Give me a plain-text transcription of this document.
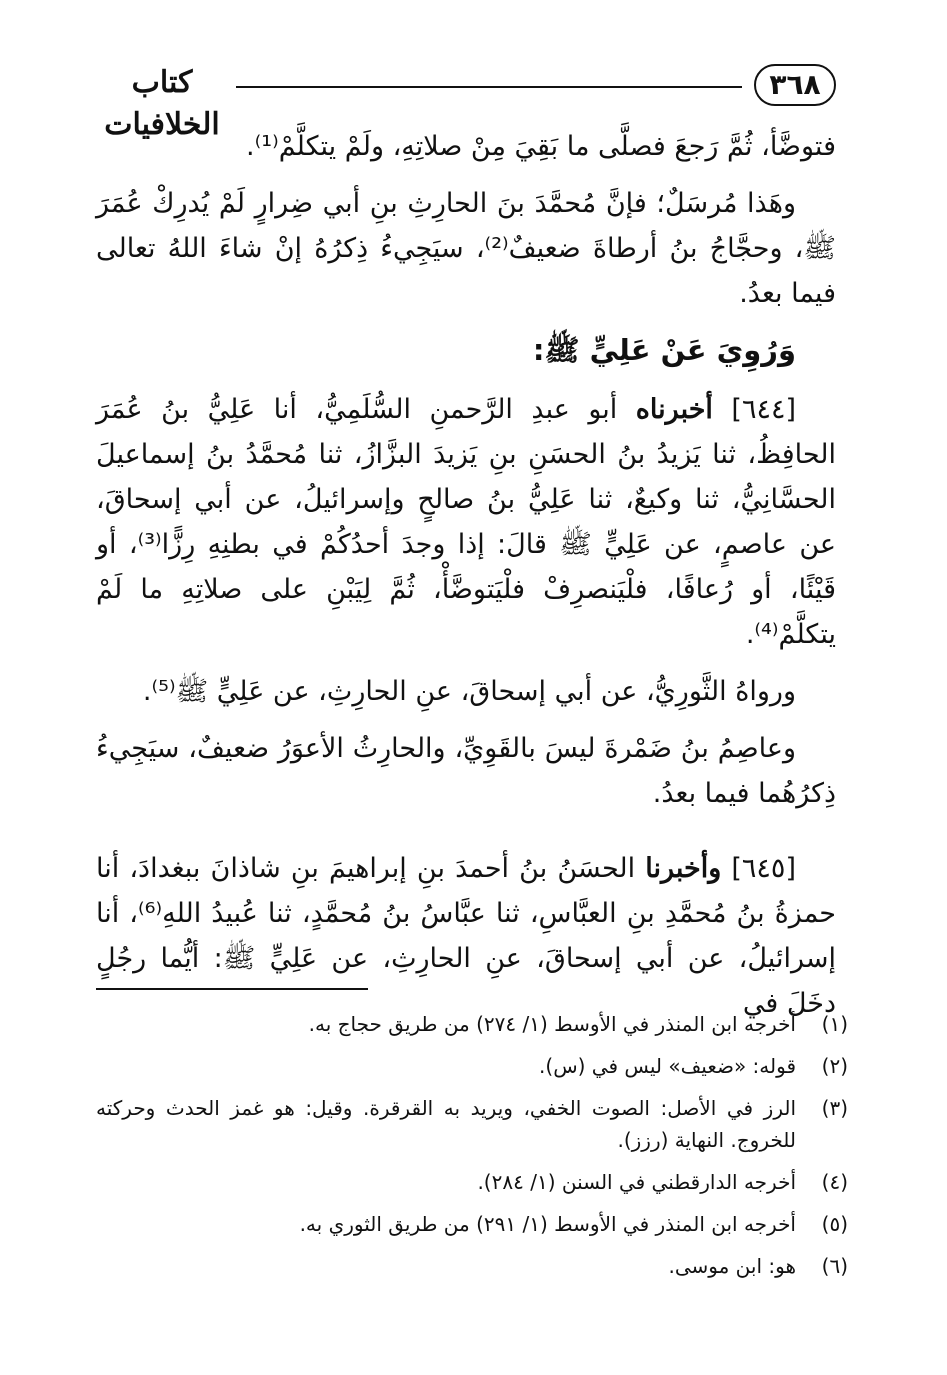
٣٦٨
كتاب الخلافيات

فتوضَّأ، ثُمَّ رَجعَ فصلَّى ما بَقِيَ مِنْ صلاتِهِ، ولَمْ يتكلَّمْ⁽¹⁾.

وهَذا مُرسَلٌ؛ فإنَّ مُحمَّدَ بنَ الحارِثِ بنِ أبي ضِرارٍ لَمْ يُدرِكْ عُمَرَ ﷺ، وحجَّاجُ بنُ أرطاةَ ضعيفٌ⁽²⁾، سيَجِيءُ ذِكرُهُ إنْ شاءَ اللهُ تعالى فيما بعدُ.

وَرُوِيَ عَنْ عَلِيٍّ ﷺ:

[٦٤٤] أخبرناه أبو عبدِ الرَّحمنِ السُّلَمِيُّ، أنا عَلِيُّ بنُ عُمَرَ الحافِظُ، ثنا يَزيدُ بنُ الحسَنِ بنِ يَزيدَ البزَّازُ، ثنا مُحمَّدُ بنُ إسماعيلَ الحسَّانِيُّ، ثنا وكيعٌ، ثنا عَلِيُّ بنُ صالحٍ وإسرائيلُ، عن أبي إسحاقَ، عن عاصمٍ، عن عَلِيٍّ ﷺ قالَ: إذا وجدَ أحدُكُمْ في بطنِهِ رِزًّا⁽³⁾، أو قَيْئًا، أو رُعافًا، فلْيَنصرِفْ فلْيَتوضَّأْ، ثُمَّ لِيَبْنِ على صلاتِهِ ما لَمْ يتكلَّمْ⁽⁴⁾.

ورواهُ الثَّورِيُّ، عن أبي إسحاقَ، عنِ الحارِثِ، عن عَلِيٍّ ﷺ⁽⁵⁾.

وعاصِمُ بنُ ضَمْرةَ ليسَ بالقَوِيِّ، والحارِثُ الأعوَرُ ضعيفٌ، سيَجِيءُ ذِكرُهُما فيما بعدُ.

[٦٤٥] وأخبرنا الحسَنُ بنُ أحمدَ بنِ إبراهيمَ بنِ شاذانَ ببغدادَ، أنا حمزةُ بنُ مُحمَّدِ بنِ العبَّاسِ، ثنا عبَّاسُ بنُ مُحمَّدٍ، ثنا عُبيدُ اللهِ⁽⁶⁾، أنا إسرائيلُ، عن أبي إسحاقَ، عنِ الحارِثِ، عن عَلِيٍّ ﷺ: أيُّما رجُلٍ دخَلَ في

(١)
أخرجه ابن المنذر في الأوسط (١/ ٢٧٤) من طريق حجاج به.
(٢)
قوله: «ضعيف» ليس في (س).
(٣)
الرز في الأصل: الصوت الخفي، ويريد به القرقرة. وقيل: هو غمز الحدث وحركته للخروج. النهاية (رزز).
(٤)
أخرجه الدارقطني في السنن (١/ ٢٨٤).
(٥)
أخرجه ابن المنذر في الأوسط (١/ ٢٩١) من طريق الثوري به.
(٦)
هو: ابن موسى.
